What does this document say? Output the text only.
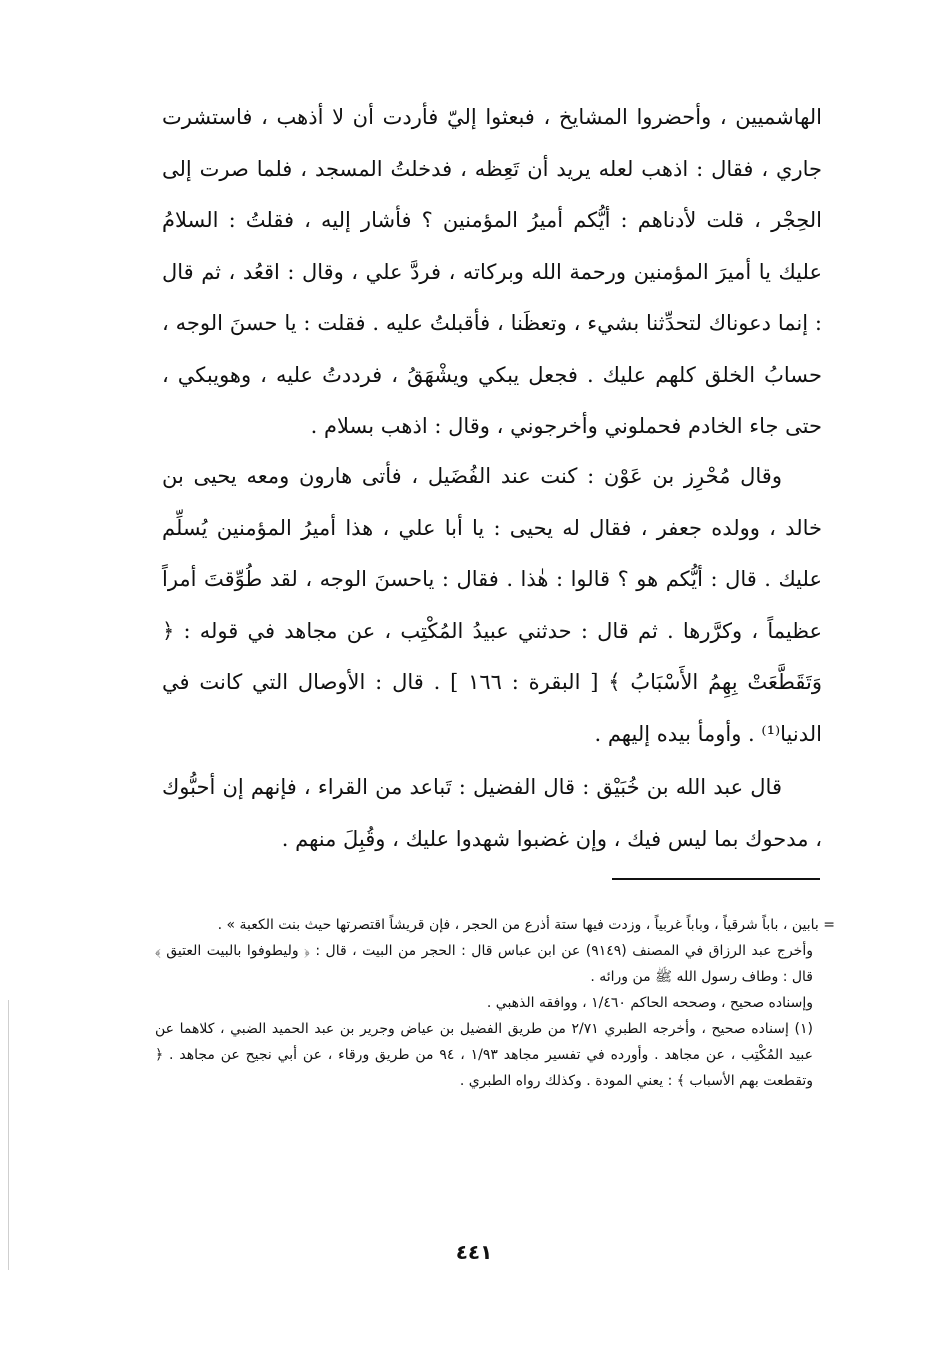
الهاشميين ، وأحضروا المشايخ ، فبعثوا إليّ فأردت أن لا أذهب ، فاستشرت جاري ، فقال : اذهب لعله يريد أن تَعِظه ، فدخلتُ المسجد ، فلما صرت إلى الحِجْر ، قلت لأدناهم : أيُّكم أميرُ المؤمنين ؟ فأشار إليه ، فقلتُ : السلامُ عليك يا أميرَ المؤمنين ورحمة الله وبركاته ، فردَّ علي ، وقال : اقعُد ، ثم قال : إنما دعوناك لتحدِّثنا بشيء ، وتعظَنا ، فأقبلتُ عليه . فقلت : يا حسنَ الوجه ، حسابُ الخلق كلهم عليك . فجعل يبكي ويشْهَقُ ، فرددتُ عليه ، وهويبكي ، حتى جاء الخادم فحملوني وأخرجوني ، وقال : اذهب بسلام .

وقال مُحْرِز بن عَوْن : كنت عند الفُضَيل ، فأتى هارون ومعه يحيى بن خالد ، وولده جعفر ، فقال له يحيى : يا أبا علي ، هذا أميرُ المؤمنين يُسلِّم عليك . قال : أيُّكم هو ؟ قالوا : هٰذا . فقال : ياحسنَ الوجه ، لقد طُوِّقتَ أمراً عظيماً ، وكرَّرها . ثم قال : حدثني عبيدُ المُكْتِب ، عن مجاهد في قوله : ﴿ وَتَقَطَّعَتْ بِهِمُ الأَسْبَابُ ﴾ [ البقرة : ١٦٦ ] . قال : الأوصال التي كانت في الدنيا⁽¹⁾ . وأومأ بيده إليهم .

قال عبد الله بن خُبَيْق : قال الفضيل : تَباعد من القراء ، فإنهم إن أحبُّوك ، مدحوك بما ليس فيك ، وإن غضبوا شهدوا عليك ، وقُبِلَ منهم .

= بابين ، باباً شرقياً ، وباباً غربياً ، وزدت فيها ستة أذرع من الحجر ، فإن قريشاً اقتصرتها حيث بنت الكعبة » .

وأخرج عبد الرزاق في المصنف (٩١٤٩) عن ابن عباس قال : الحجر من البيت ، قال : ﴿ وليطوفوا بالبيت العتيق ﴾ قال : وطاف رسول الله ﷺ من ورائه .

وإسناده صحيح ، وصححه الحاكم ١/٤٦٠ ، ووافقه الذهبي .

(١) إسناده صحيح ، وأخرجه الطبري ٢/٧١ من طريق الفضيل بن عياض وجرير بن عبد الحميد الضبي ، كلاهما عن عبيد المُكْتِب ، عن مجاهد . وأورده في تفسير مجاهد ١/٩٣ ، ٩٤ من طريق ورقاء ، عن أبي نجيح عن مجاهد . ﴿ وتقطعت بهم الأسباب ﴾ : يعني المودة . وكذلك رواه الطبري .

٤٤١
